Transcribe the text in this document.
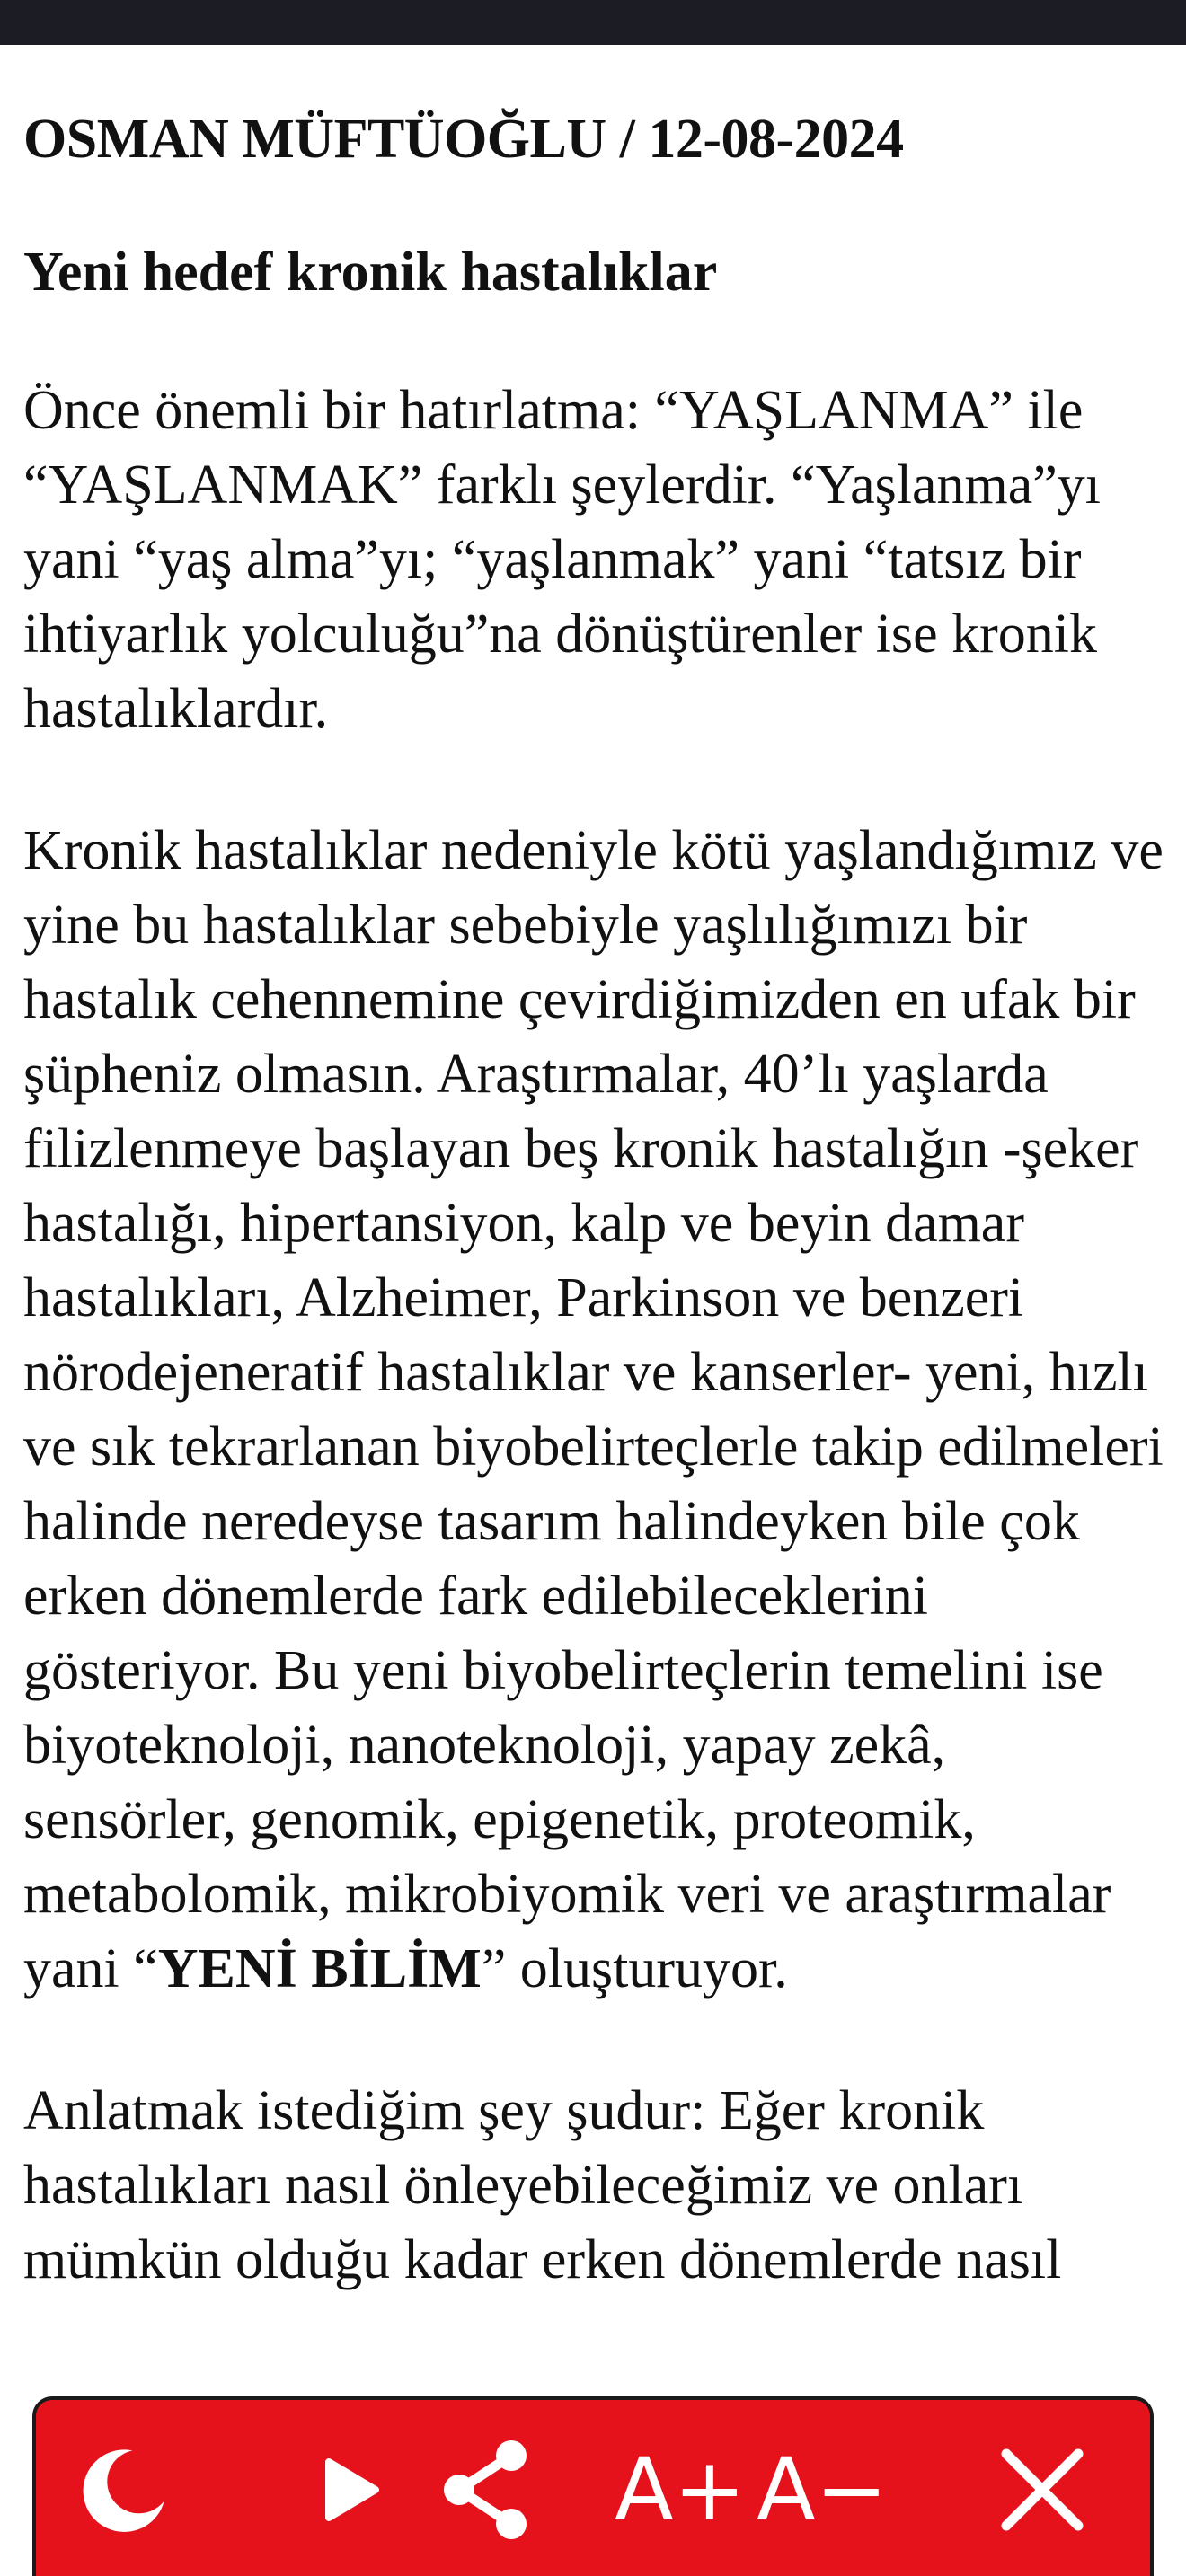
OSMAN MÜFTÜOĞLU / 12-08-2024
Yeni hedef kronik hastalıklar

Önce önemli bir hatırlatma: “YAŞLANMA” ile “YAŞLANMAK” farklı şeylerdir. “Yaşlanma”yı yani “yaş alma”yı; “yaşlanmak” yani “tatsız bir ihtiyarlık yolculuğu”na dönüştürenler ise kronik hastalıklardır.

Kronik hastalıklar nedeniyle kötü yaşlandığımız ve yine bu hastalıklar sebebiyle yaşlılığımızı bir hastalık cehennemine çevirdiğimizden en ufak bir şüpheniz olmasın. Araştırmalar, 40’lı yaşlarda filizlenmeye başlayan beş kronik hastalığın -şeker hastalığı, hipertansiyon, kalp ve beyin damar hastalıkları, Alzheimer, Parkinson ve benzeri nörodejeneratif hastalıklar ve kanserler- yeni, hızlı ve sık tekrarlanan biyobelirteçlerle takip edilmeleri halinde neredeyse tasarım halindeyken bile çok erken dönemlerde fark edilebileceklerini gösteriyor. Bu yeni biyobelirteçlerin temelini ise biyoteknoloji, nanoteknoloji, yapay zekâ, sensörler, genomik, epigenetik, proteomik, metabolomik, mikrobiyomik veri ve araştırmalar yani “YENİ BİLİM” oluşturuyor.

Anlatmak istediğim şey şudur: Eğer kronik hastalıkları nasıl önleyebileceğimiz ve onları mümkün olduğu kadar erken dönemlerde nasıl

A+ A−
